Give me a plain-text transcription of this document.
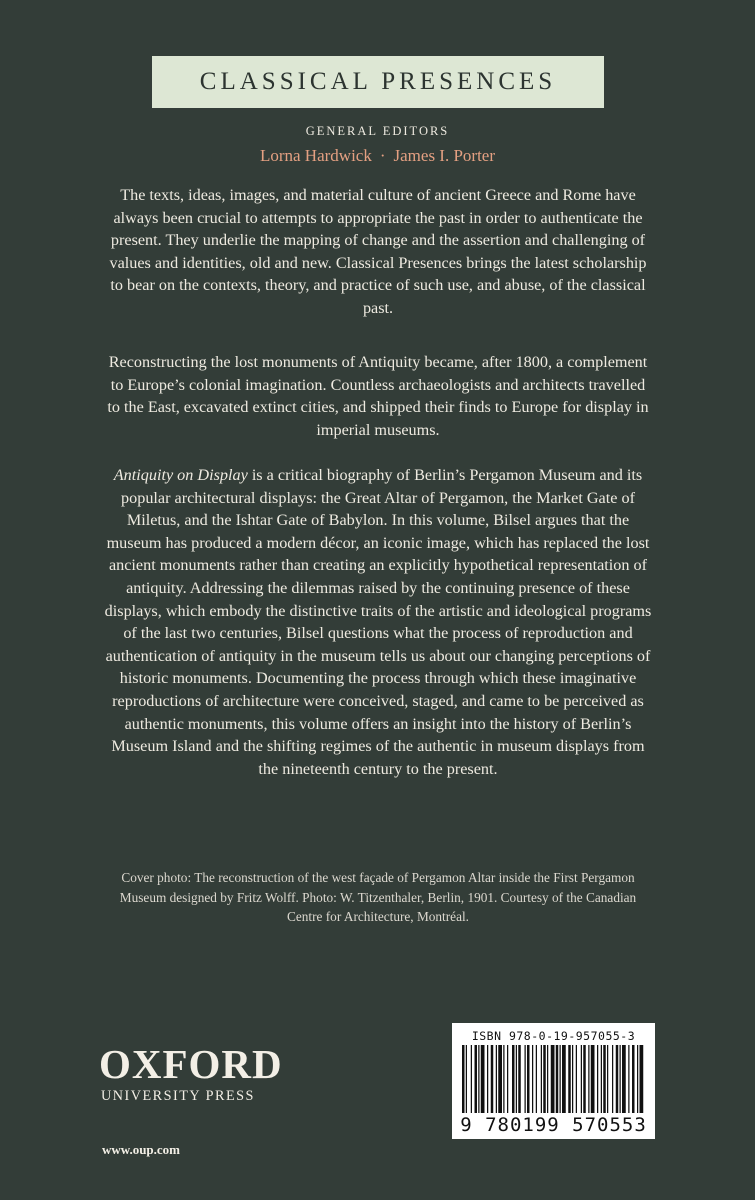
CLASSICAL PRESENCES
GENERAL EDITORS
Lorna Hardwick · James I. Porter

The texts, ideas, images, and material culture of ancient Greece and Rome have always been crucial to attempts to appropriate the past in order to authenticate the present. They underlie the mapping of change and the assertion and challenging of values and identities, old and new. Classical Presences brings the latest scholarship to bear on the contexts, theory, and practice of such use, and abuse, of the classical past.

Reconstructing the lost monuments of Antiquity became, after 1800, a complement to Europe’s colonial imagination. Countless archaeologists and architects travelled to the East, excavated extinct cities, and shipped their finds to Europe for display in imperial museums.

Antiquity on Display is a critical biography of Berlin’s Pergamon Museum and its popular architectural displays: the Great Altar of Pergamon, the Market Gate of Miletus, and the Ishtar Gate of Babylon. In this volume, Bilsel argues that the museum has produced a modern décor, an iconic image, which has replaced the lost ancient monuments rather than creating an explicitly hypothetical representation of antiquity. Addressing the dilemmas raised by the continuing presence of these displays, which embody the distinctive traits of the artistic and ideological programs of the last two centuries, Bilsel questions what the process of reproduction and authentication of antiquity in the museum tells us about our changing perceptions of historic monuments. Documenting the process through which these imaginative reproductions of architecture were conceived, staged, and came to be perceived as authentic monuments, this volume offers an insight into the history of Berlin’s Museum Island and the shifting regimes of the authentic in museum displays from the nineteenth century to the present.

Cover photo: The reconstruction of the west façade of Pergamon Altar inside the First Pergamon Museum designed by Fritz Wolff. Photo: W. Titzenthaler, Berlin, 1901. Courtesy of the Canadian Centre for Architecture, Montréal.

OXFORD
UNIVERSITY PRESS
www.oup.com
ISBN 978-0-19-957055-3
9 780199 570553
